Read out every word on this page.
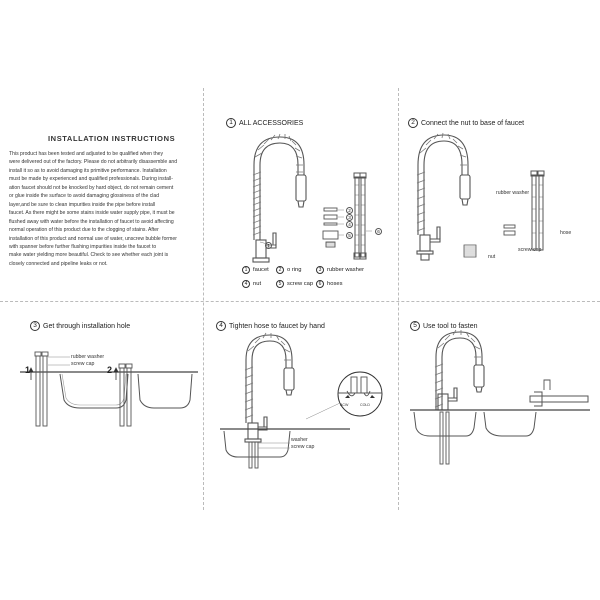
INSTALLATION INSTRUCTIONS
This product has been tested and adjusted to be qualified when they
were delivered out of the factory. Please do not arbitrarily disassemble and
install it so as to avoid damaging its primitive performance. Installation
must be made by experienced and qualified professionals. During install-
ation faucet should not be knocked by hard object, do not remain cement
or glue inside the surface to avoid damaging glossiness of the clad
layer,and be sure to clean impurities inside the pipe before install
faucet. As there might be some stains inside water supply pipe, it must be
flushed away with water before the installation of faucet to avoid affecting
normal operation of this product due to the clogging of stains. After
installation of this product and normal use of water, unscrew bubble former
with spanner before further flushing impurities inside the faucet to
make water yielding more beautiful. Check to see whether each joint is
closely connected and pipeline leaks or not.
1 ALL ACCESSORIES
1
2
3
4
5
6
1 faucet	2 o ring	3 rubber washer
4 nut	5 screw cap	6 hoses
2 Connect the nut to base of faucet
rubber washer
hose
screw cap
nut
3 Get through installation hole
rubber washer
screw cap
1	2
4 Tighten hose to faucet by hand
washer
screw cap
ACW	COLD
5 Use tool to fasten
